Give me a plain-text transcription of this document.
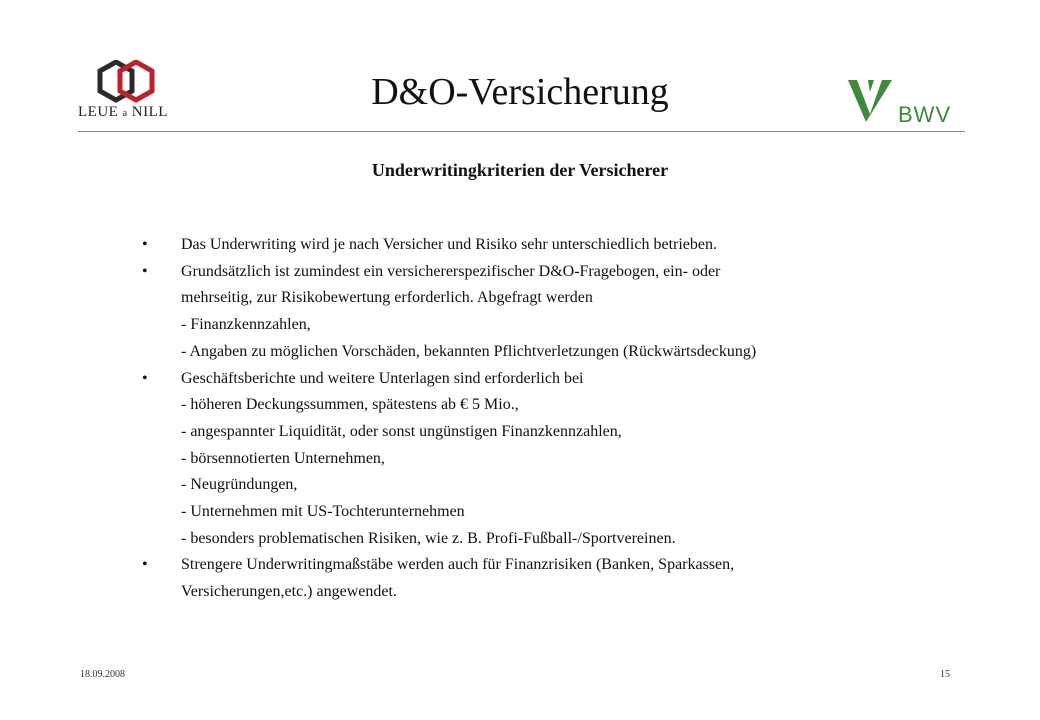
LEUE a NILL	D&O-Versicherung
BWV
Underwritingkriterien der Versicherer
• Das Underwriting wird je nach Versicher und Risiko sehr unterschiedlich betrieben.
• Grundsätzlich ist zumindest ein versichererspezifischer D&O-Fragebogen, ein- oder
mehrseitig, zur Risikobewertung erforderlich. Abgefragt werden
- Finanzkennzahlen,
- Angaben zu möglichen Vorschäden, bekannten Pflichtverletzungen (Rückwärtsdeckung)
• Geschäftsberichte und weitere Unterlagen sind erforderlich bei
- höheren Deckungssummen, spätestens ab € 5 Mio.,
- angespannter Liquidität, oder sonst ungünstigen Finanzkennzahlen,
- börsennotierten Unternehmen,
- Neugründungen,
- Unternehmen mit US-Tochterunternehmen
- besonders problematischen Risiken, wie z. B. Profi-Fußball-/Sportvereinen.
• Strengere Underwritingmaßstäbe werden auch für Finanzrisiken (Banken, Sparkassen,
Versicherungen,etc.) angewendet.
18.09.2008	15
